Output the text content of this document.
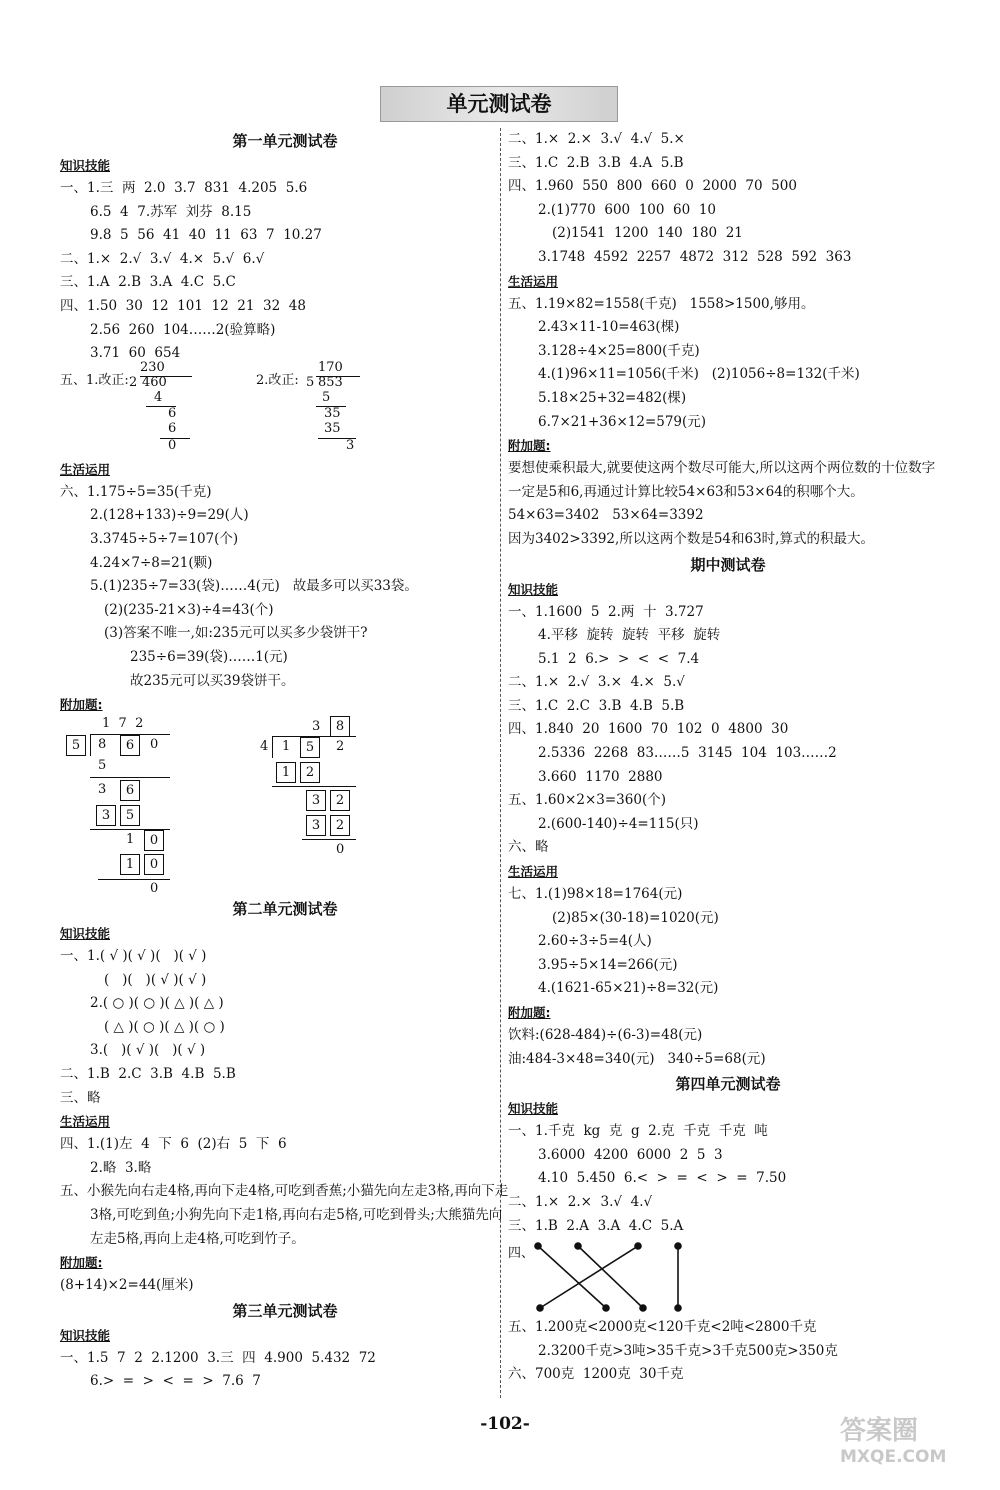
单元测试卷
第一单元测试卷
知识技能
一、1.三  两  2.0  3.7  831  4.205  5.6
6.5  4  7.苏军  刘芬  8.15
9.8  5  56  41  40  11  63  7  10.27
二、1.×  2.√  3.√  4.×  5.√  6.√
三、1.A  2.B  3.A  4.C  5.C
四、1.50  30  12  101  12  21  32  48
2.56  260  104……2(验算略)
3.71  60  654
五、1.改正:
230
2 460
4
6
6
0
2.改正:
170
5 853
5
35
35
3
生活运用
六、1.175÷5=35(千克)
2.(128+133)÷9=29(人)
3.3745÷5÷7=107(个)
4.24×7÷8=21(颗)
5.(1)235÷7=33(袋)……4(元)   故最多可以买33袋。
(2)(235-21×3)÷4=43(个)
(3)答案不唯一,如:235元可以买多少袋饼干?
235÷6=39(袋)……1(元)
故235元可以买39袋饼干。
附加题:
1  7  2
5	8	6	0
5
3	6
3	5
1	0
1	0
0
3	8
4 1	5	2
1	2
3	2
3	2
0
第二单元测试卷
知识技能
一、1.( √ )( √ )(   )( √ )
(   )(   )( √ )( √ )
2.( ○ )( ○ )( △ )( △ )
( △ )( ○ )( △ )( ○ )
3.(   )( √ )(   )( √ )
二、1.B  2.C  3.B  4.B  5.B
三、略
生活运用
四、1.(1)左  4  下  6  (2)右  5  下  6
2.略  3.略
五、小猴先向右走4格,再向下走4格,可吃到香蕉;小猫先向左走3格,再向下走3格,可吃到鱼;小狗先向下走1格,再向右走5格,可吃到骨头;大熊猫先向左走5格,再向上走4格,可吃到竹子。
附加题:
(8+14)×2=44(厘米)
第三单元测试卷
知识技能
一、1.5  7  2  2.1200  3.三  四  4.900  5.432  72
6.>  =  >  <  =  >  7.6  7
二、1.×  2.×  3.√  4.√  5.×
三、1.C  2.B  3.B  4.A  5.B
四、1.960  550  800  660  0  2000  70  500
2.(1)770  600  100  60  10
(2)1541  1200  140  180  21
3.1748  4592  2257  4872  312  528  592  363
生活运用
五、1.19×82=1558(千克)   1558>1500,够用。
2.43×11-10=463(棵)
3.128÷4×25=800(千克)
4.(1)96×11=1056(千米)   (2)1056÷8=132(千米)
5.18×25+32=482(棵)
6.7×21+36×12=579(元)
附加题:
要想使乘积最大,就要使这两个数尽可能大,所以这两个两位数的十位数字一定是5和6,再通过计算比较54×63和53×64的积哪个大。
54×63=3402   53×64=3392
因为3402>3392,所以这两个数是54和63时,算式的积最大。
期中测试卷
知识技能
一、1.1600  5  2.两  十  3.727
4.平移  旋转  旋转  平移  旋转
5.1  2  6.>  >  <  <  7.4
二、1.×  2.√  3.×  4.×  5.√
三、1.C  2.C  3.B  4.B  5.B
四、1.840  20  1600  70  102  0  4800  30
2.5336  2268  83……5  3145  104  103……2
3.660  1170  2880
五、1.60×2×3=360(个)
2.(600-140)÷4=115(只)
六、略
生活运用
七、1.(1)98×18=1764(元)
(2)85×(30-18)=1020(元)
2.60÷3÷5=4(人)
3.95÷5×14=266(元)
4.(1621-65×21)÷8=32(元)
附加题:
饮料:(628-484)÷(6-3)=48(元)
油:484-3×48=340(元)   340÷5=68(元)
第四单元测试卷
知识技能
一、1.千克  kg  克  g  2.克  千克  千克  吨
3.6000  4200  6000  2  5  3
4.10  5.450  6.<  >  =  <  >  =  7.50
二、1.×  2.×  3.√  4.√
三、1.B  2.A  3.A  4.C  5.A
四、
五、1.200克<2000克<120千克<2吨<2800千克
2.3200千克>3吨>35千克>3千克500克>350克
六、700克  1200克  30千克
-102-	答案圈
MXQE.COM
